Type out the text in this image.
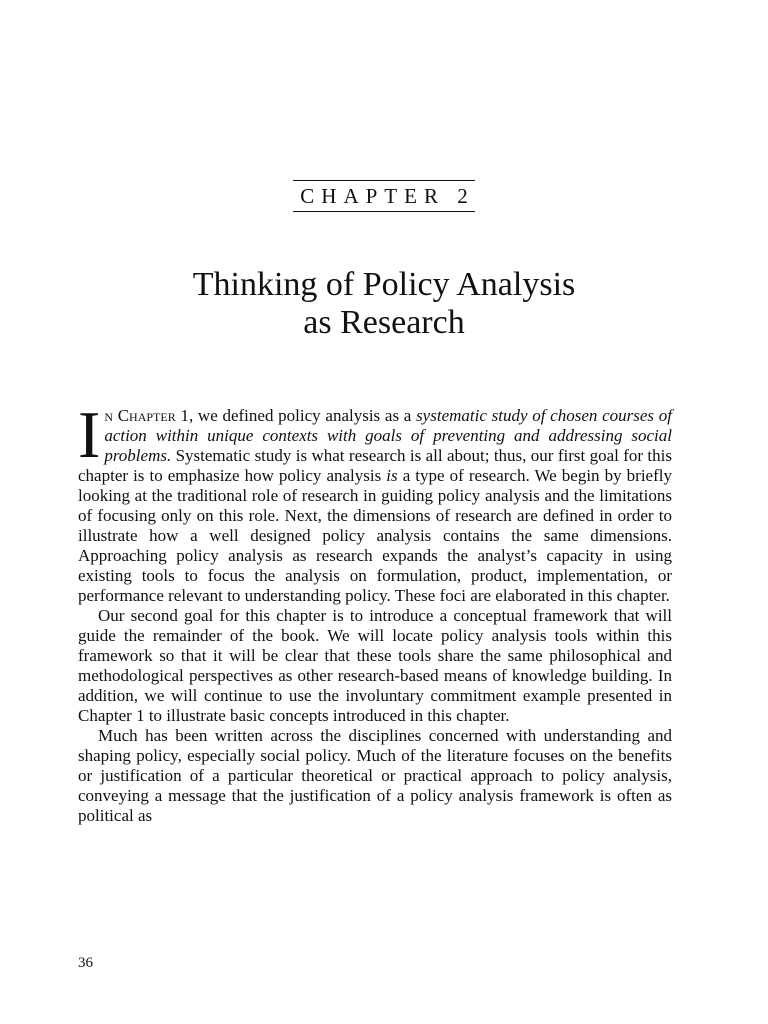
CHAPTER 2
Thinking of Policy Analysis
as Research

In Chapter 1, we defined policy analysis as a systematic study of chosen courses of action within unique contexts with goals of preventing and addressing social problems. Systematic study is what research is all about; thus, our first goal for this chapter is to emphasize how policy analysis is a type of research. We begin by briefly looking at the traditional role of research in guiding policy analysis and the limitations of focusing only on this role. Next, the dimensions of research are defined in order to illustrate how a well designed policy analysis contains the same dimensions. Approaching policy analysis as research expands the analyst’s capacity in using existing tools to focus the analysis on formulation, product, implementation, or performance relevant to understanding policy. These foci are elaborated in this chapter.

Our second goal for this chapter is to introduce a conceptual framework that will guide the remainder of the book. We will locate policy analysis tools within this framework so that it will be clear that these tools share the same philosophical and methodological perspectives as other research-based means of knowledge building. In addition, we will continue to use the involuntary commitment example presented in Chapter 1 to illustrate basic concepts introduced in this chapter.

Much has been written across the disciplines concerned with understanding and shaping policy, especially social policy. Much of the literature focuses on the benefits or justification of a particular theoretical or practical approach to policy analysis, conveying a message that the justification of a policy analysis framework is often as political as

36
